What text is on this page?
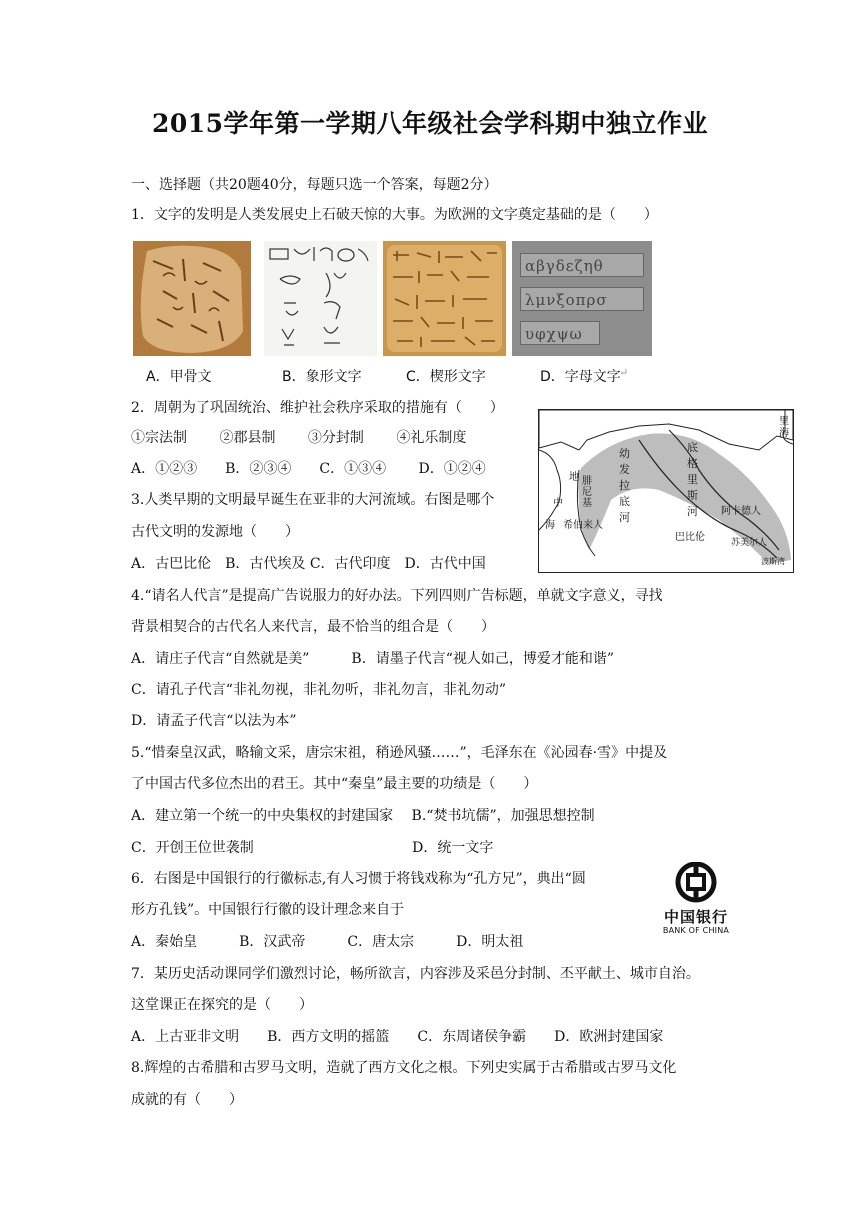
2015学年第一学期八年级社会学科期中独立作业
一、选择题（共20题40分，每题只选一个答案，每题2分）
1．文字的发明是人类发展史上石破天惊的大事。为欧洲的文字奠定基础的是（　　）
αβγδεζηθ
λμνξοπρσ
υφχψω
A．甲骨文	B．象形文字	C．楔形文字	D．字母文字
↵
2．周朝为了巩固统治、维护社会秩序采取的措施有（　　）
①宗法制　　 ②郡县制　　 ③分封制　　 ④礼乐制度
A．①②③　　B．②③④　　C．①③④　　 D．①②④
地
中
海
腓尼基
希伯来人
幼发拉底河
底格里斯河 阿卡德人
巴比伦	苏美尔人
波斯湾
里海
3.人类早期的文明最早诞生在亚非的大河流域。右图是哪个
古代文明的发源地（　　）
A．古巴比伦　B．古代埃及 C．古代印度　D．古代中国
4.“请名人代言”是提高广告说服力的好办法。下列四则广告标题，单就文字意义，寻找
背景相契合的古代名人来代言，最不恰当的组合是（　　）
A．请庄子代言“自然就是美”　　　B．请墨子代言“视人如己，博爱才能和谐”
C．请孔子代言“非礼勿视，非礼勿听，非礼勿言，非礼勿动”
D．请孟子代言“以法为本”
5.“惜秦皇汉武，略输文采，唐宗宋祖，稍逊风骚……”，毛泽东在《沁园春·雪》中提及
了中国古代多位杰出的君王。其中“秦皇”最主要的功绩是（　　）
A．建立第一个统一的中央集权的封建国家　 B.“焚书坑儒”，加强思想控制
C．开创王位世袭制　　　　　　　　　　　 D．统一文字
6．右图是中国银行的行徽标志,有人习惯于将钱戏称为“孔方兄”，典出“圆
形方孔钱”。中国银行行徽的设计理念来自于
A．秦始皇　　　B．汉武帝　　　C．唐太宗　　　D．明太祖
中国银行
BANK OF CHINA
7．某历史活动课同学们激烈讨论，畅所欲言，内容涉及采邑分封制、丕平献土、城市自治。
这堂课正在探究的是（　　）
A．上古亚非文明　　B．西方文明的摇篮　　C．东周诸侯争霸　　D．欧洲封建国家
8.辉煌的古希腊和古罗马文明，造就了西方文化之根。下列史实属于古希腊或古罗马文化
成就的有（　　）
